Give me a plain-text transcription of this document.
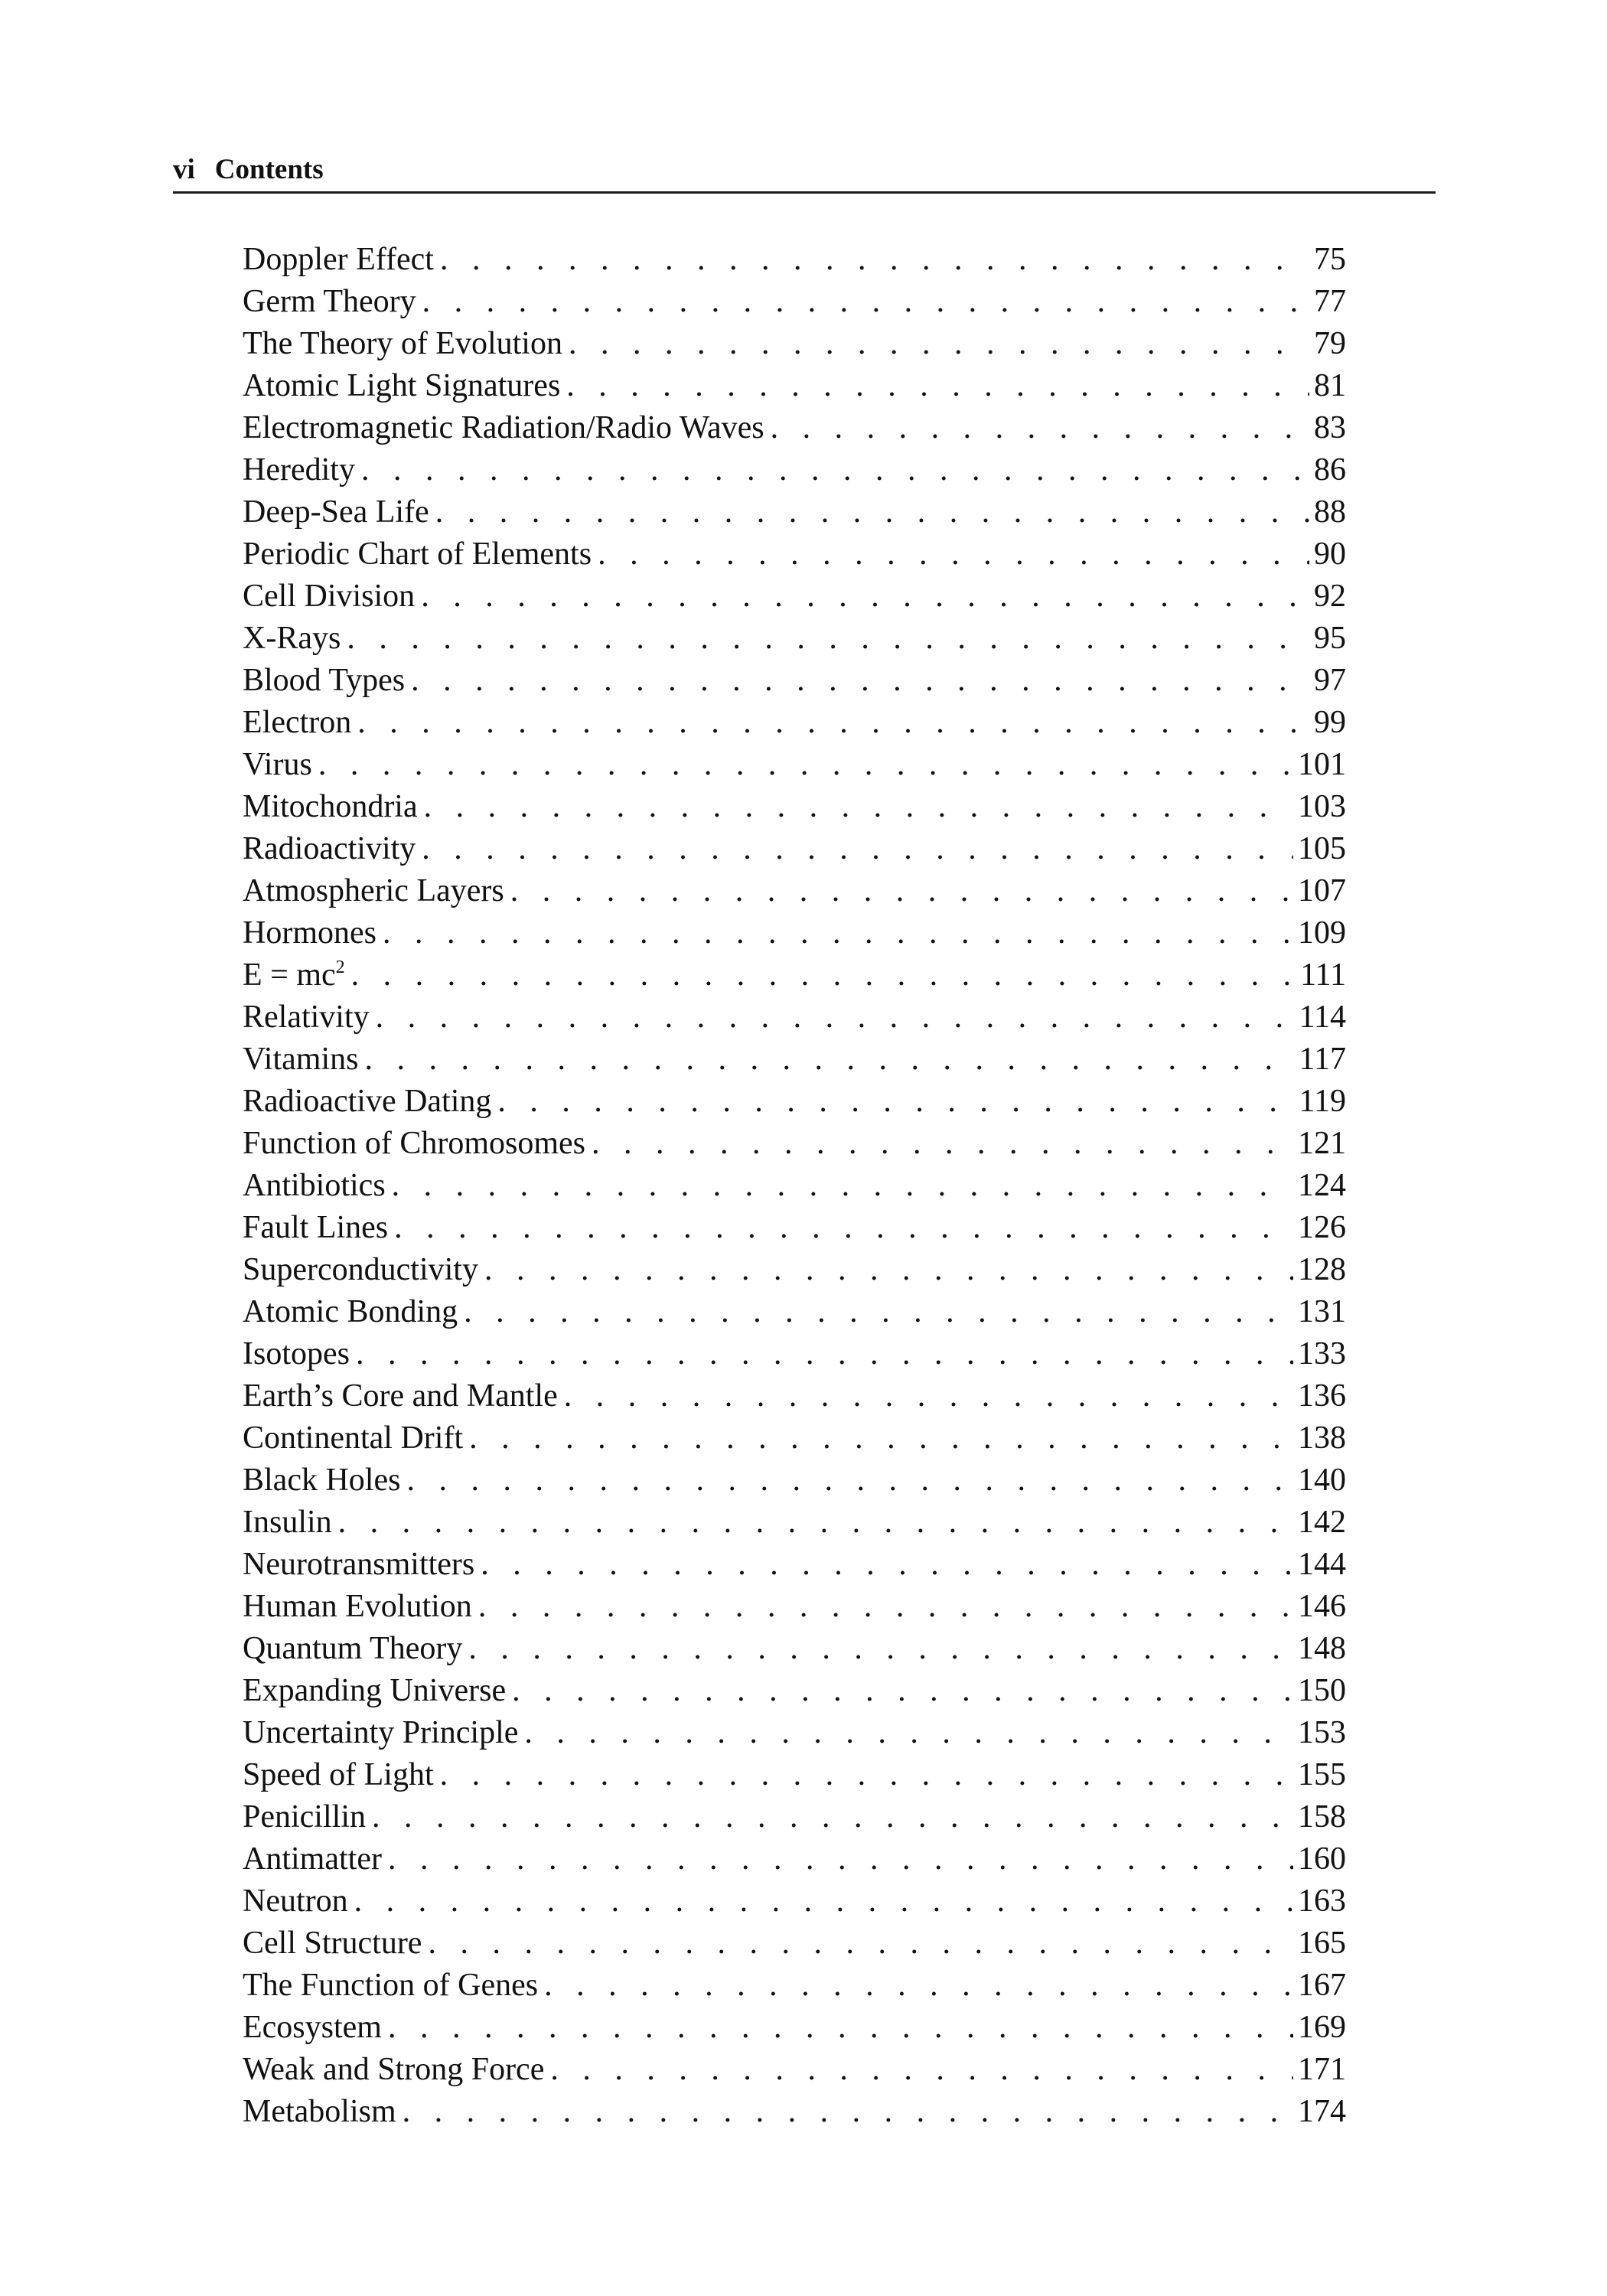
vi Contents
Doppler Effect . . .	75
Germ Theory . . .	77
The Theory of Evolution . . .	79
Atomic Light Signatures . . .	81
Electromagnetic Radiation/Radio Waves . . .	83
Heredity . . .	86
Deep-Sea Life . . .	88
Periodic Chart of Elements . . .	90
Cell Division . . .	92
X-Rays . . .	95
Blood Types . . .	97
Electron . . .	99
Virus . . .	101
Mitochondria . . .	103
Radioactivity . . .	105
Atmospheric Layers . . .	107
Hormones . . .	109
$E = mc^2$ . . .	111
Relativity . . .	114
Vitamins . . .	117
Radioactive Dating . . .	119
Function of Chromosomes . . .	121
Antibiotics . . .	124
Fault Lines . . .	126
Superconductivity . . .	128
Atomic Bonding . . .	131
Isotopes . . .	133
Earth’s Core and Mantle . . .	136
Continental Drift . . .	138
Black Holes . . .	140
Insulin . . .	142
Neurotransmitters . . .	144
Human Evolution . . .	146
Quantum Theory . . .	148
Expanding Universe . . .	150
Uncertainty Principle . . .	153
Speed of Light . . .	155
Penicillin . . .	158
Antimatter . . .	160
Neutron . . .	163
Cell Structure . . .	165
The Function of Genes . . .	167
Ecosystem . . .	169
Weak and Strong Force . . .	171
Metabolism . . .	174
